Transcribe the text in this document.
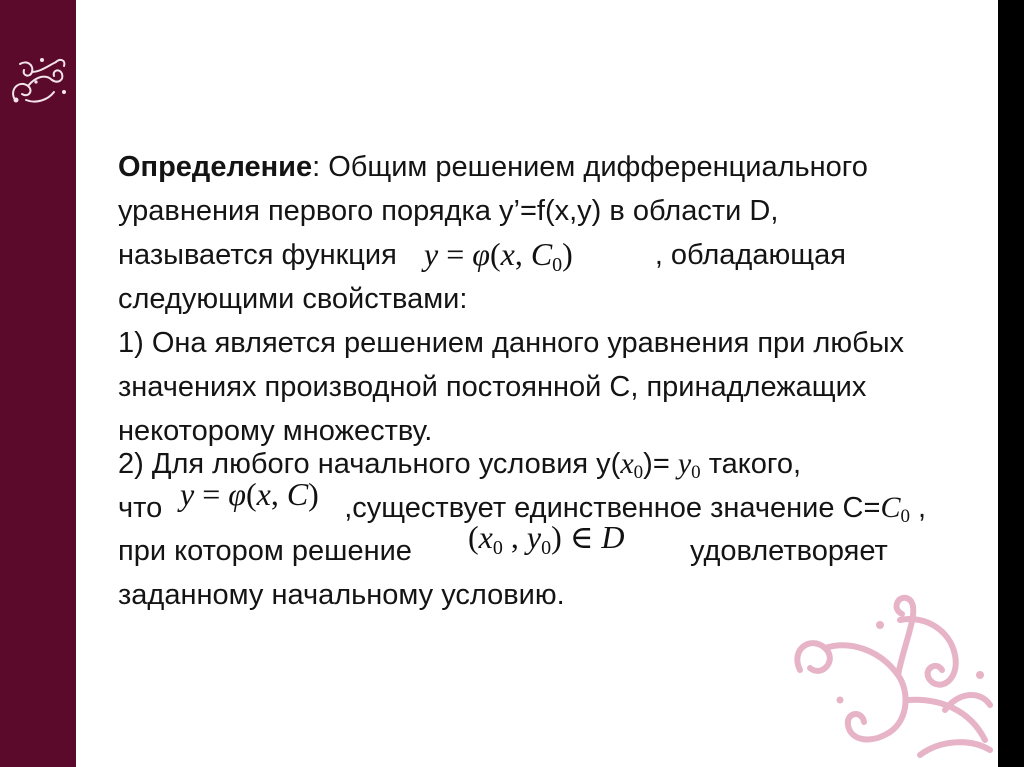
Определение: Общим решением дифференциального
уравнения первого порядка y’=f(x,y) в области D,
называется функция	, обладающая
следующими свойствами:
1) Она является решением данного уравнения при любых
значениях производной постоянной С, принадлежащих
некоторому множеству.
2) Для любого начального условия $y(x_0)= y_0$ такого,
что	,существует единственное значение $С=C_0$ ,
при котором решение	удовлетворяет
заданному начальному условию.
y = φ(x, $C_0$)
y = φ(x, C)
($x_0$ , $y_0$) ∈ D
